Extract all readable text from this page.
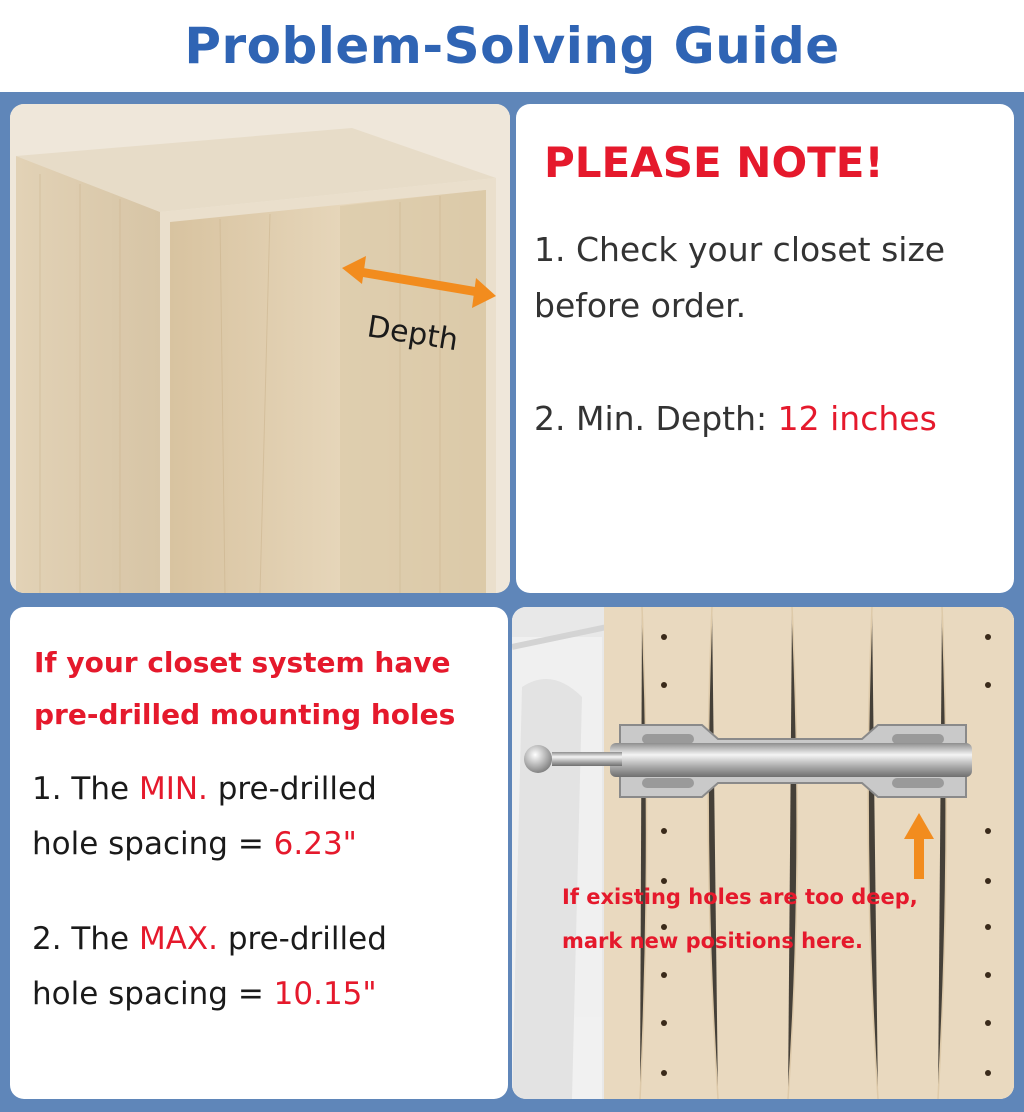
Problem-Solving Guide
Depth

PLEASE NOTE!

1. Check your closet size
before order.
2. Min. Depth: 12 inches
If your closet system have
pre-drilled mounting holes
1. The MIN. pre-drilled
hole spacing = 6.23"
2. The MAX. pre-drilled
hole spacing = 10.15"
If existing holes are too deep,
mark new positions here.
